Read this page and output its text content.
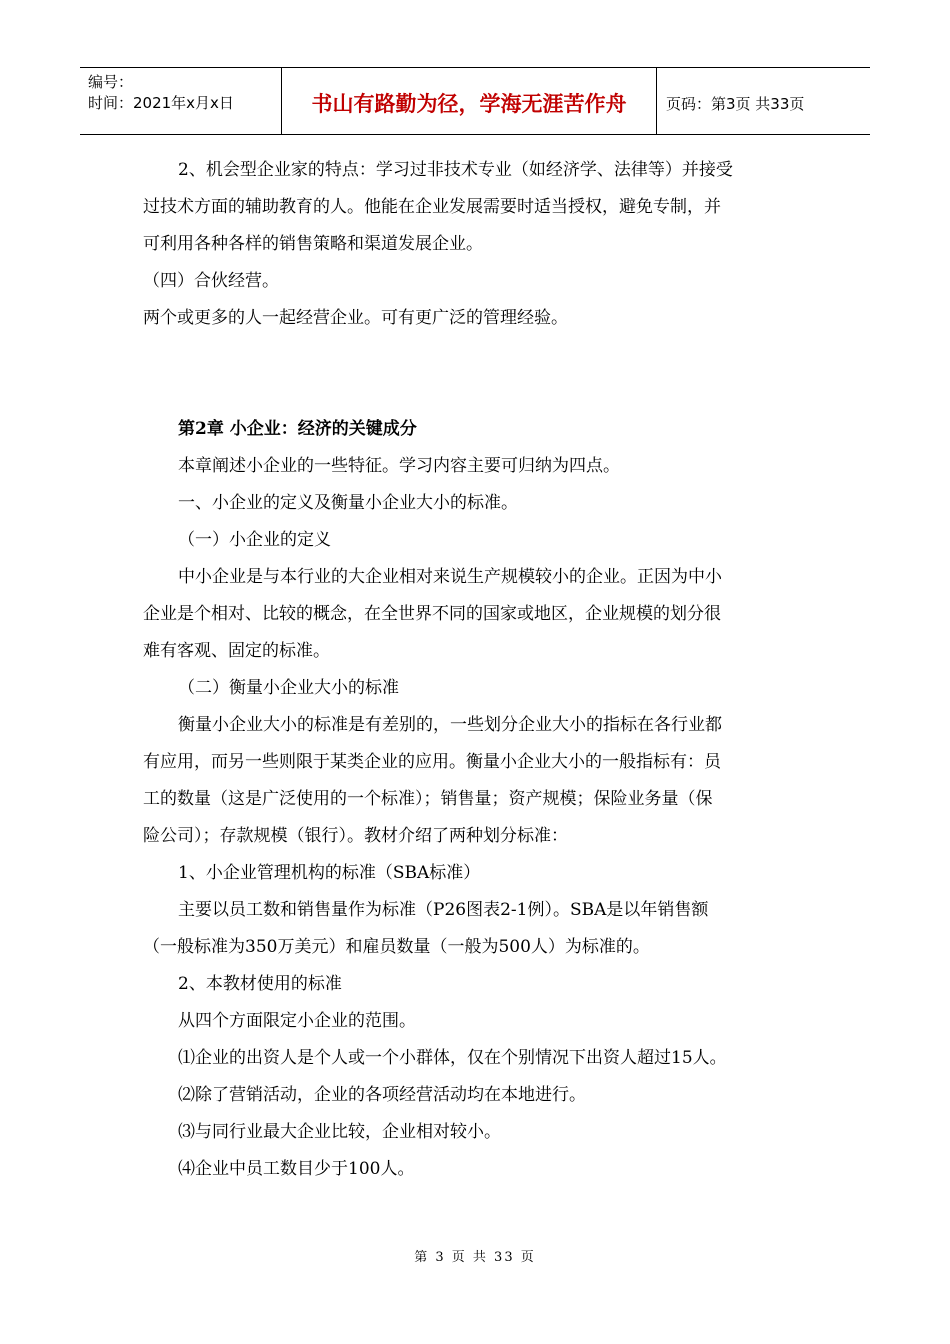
编号：
时间：2021年x月x日	书山有路勤为径，学海无涯苦作舟	页码：第3页 共33页

2、机会型企业家的特点：学习过非技术专业（如经济学、法律等）并接受

过技术方面的辅助教育的人。他能在企业发展需要时适当授权，避免专制，并

可利用各种各样的销售策略和渠道发展企业。

（四）合伙经营。

两个或更多的人一起经营企业。可有更广泛的管理经验。

第2章 小企业：经济的关键成分

本章阐述小企业的一些特征。学习内容主要可归纳为四点。

一、小企业的定义及衡量小企业大小的标准。

（一）小企业的定义

中小企业是与本行业的大企业相对来说生产规模较小的企业。正因为中小

企业是个相对、比较的概念，在全世界不同的国家或地区，企业规模的划分很

难有客观、固定的标准。

（二）衡量小企业大小的标准

衡量小企业大小的标准是有差别的，一些划分企业大小的指标在各行业都

有应用，而另一些则限于某类企业的应用。衡量小企业大小的一般指标有：员

工的数量（这是广泛使用的一个标准）；销售量；资产规模；保险业务量（保

险公司）；存款规模（银行）。教材介绍了两种划分标准：

1、小企业管理机构的标准（SBA标准）

主要以员工数和销售量作为标准（P26图表2-1例）。SBA是以年销售额

（一般标准为350万美元）和雇员数量（一般为500人）为标准的。

2、本教材使用的标准

从四个方面限定小企业的范围。

⑴企业的出资人是个人或一个小群体，仅在个别情况下出资人超过15人。

⑵除了营销活动，企业的各项经营活动均在本地进行。

⑶与同行业最大企业比较，企业相对较小。

⑷企业中员工数目少于100人。

第 3 页 共 33 页
